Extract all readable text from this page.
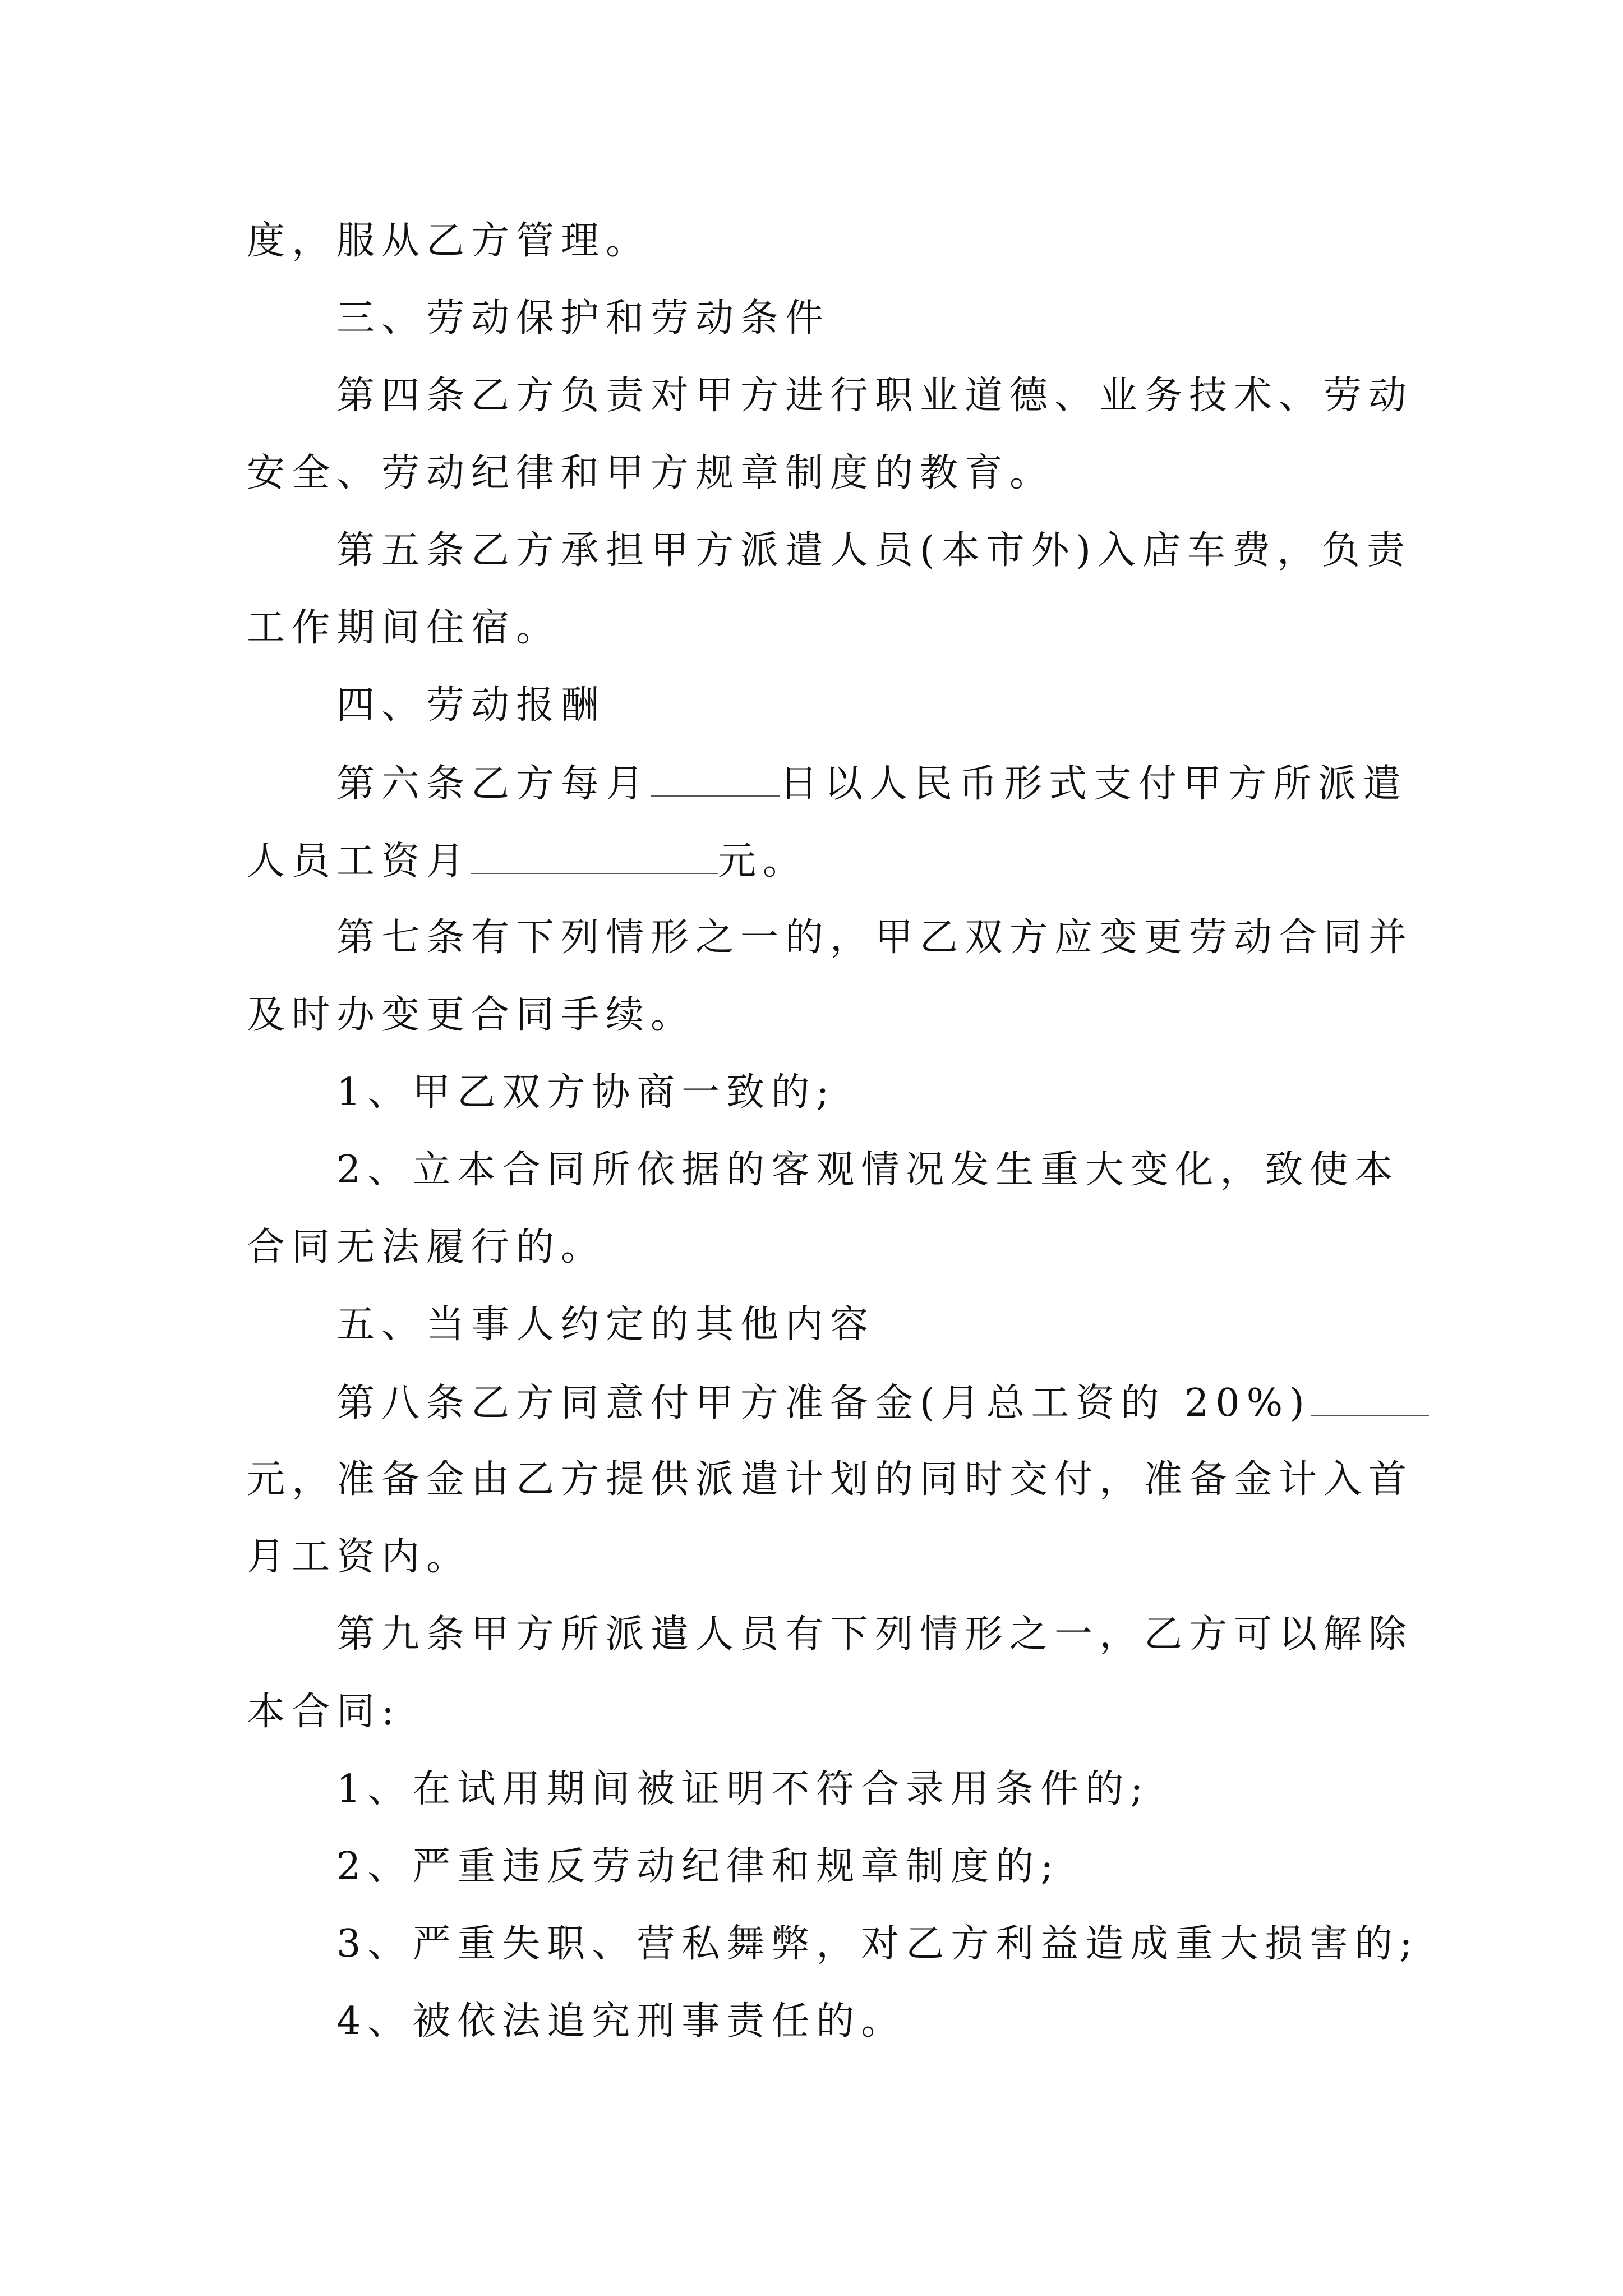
度，服从乙方管理。
三、劳动保护和劳动条件
第四条乙方负责对甲方进行职业道德、业务技术、劳动
安全、劳动纪律和甲方规章制度的教育。
第五条乙方承担甲方派遣人员(本市外)入店车费，负责
工作期间住宿。
四、劳动报酬
第六条乙方每月	日以人民币形式支付甲方所派遣
人员工资月	元。
第七条有下列情形之一的，甲乙双方应变更劳动合同并
及时办变更合同手续。
1、甲乙双方协商一致的;
2、立本合同所依据的客观情况发生重大变化，致使本
合同无法履行的。
五、当事人约定的其他内容
第八条乙方同意付甲方准备金(月总工资的 20%)
元，准备金由乙方提供派遣计划的同时交付，准备金计入首
月工资内。
第九条甲方所派遣人员有下列情形之一，乙方可以解除
本合同:
1、在试用期间被证明不符合录用条件的;
2、严重违反劳动纪律和规章制度的;
3、严重失职、营私舞弊，对乙方利益造成重大损害的;
4、被依法追究刑事责任的。
